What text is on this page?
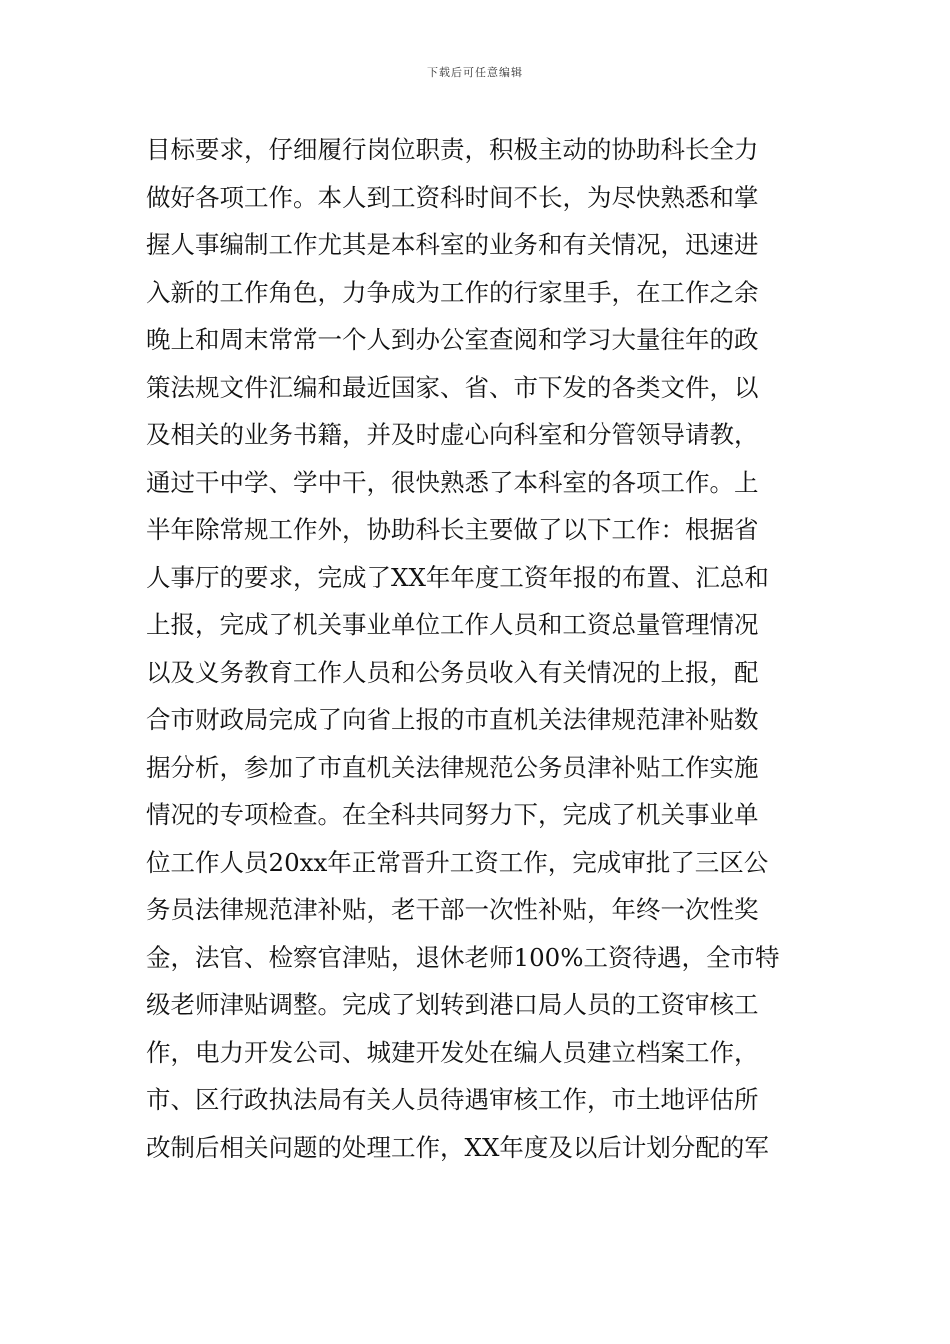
下载后可任意编辑
目标要求，仔细履行岗位职责，积极主动的协助科长全力
做好各项工作。本人到工资科时间不长，为尽快熟悉和掌
握人事编制工作尤其是本科室的业务和有关情况，迅速进
入新的工作角色，力争成为工作的行家里手，在工作之余
晚上和周末常常一个人到办公室查阅和学习大量往年的政
策法规文件汇编和最近国家、省、市下发的各类文件，以
及相关的业务书籍，并及时虚心向科室和分管领导请教，
通过干中学、学中干，很快熟悉了本科室的各项工作。上
半年除常规工作外，协助科长主要做了以下工作：根据省
人事厅的要求，完成了XX年年度工资年报的布置、汇总和
上报，完成了机关事业单位工作人员和工资总量管理情况
以及义务教育工作人员和公务员收入有关情况的上报，配
合市财政局完成了向省上报的市直机关法律规范津补贴数
据分析，参加了市直机关法律规范公务员津补贴工作实施
情况的专项检查。在全科共同努力下，完成了机关事业单
位工作人员20xx年正常晋升工资工作，完成审批了三区公
务员法律规范津补贴，老干部一次性补贴，年终一次性奖
金，法官、检察官津贴，退休老师100%工资待遇，全市特
级老师津贴调整。完成了划转到港口局人员的工资审核工
作，电力开发公司、城建开发处在编人员建立档案工作，
市、区行政执法局有关人员待遇审核工作，市土地评估所
改制后相关问题的处理工作，XX年度及以后计划分配的军
